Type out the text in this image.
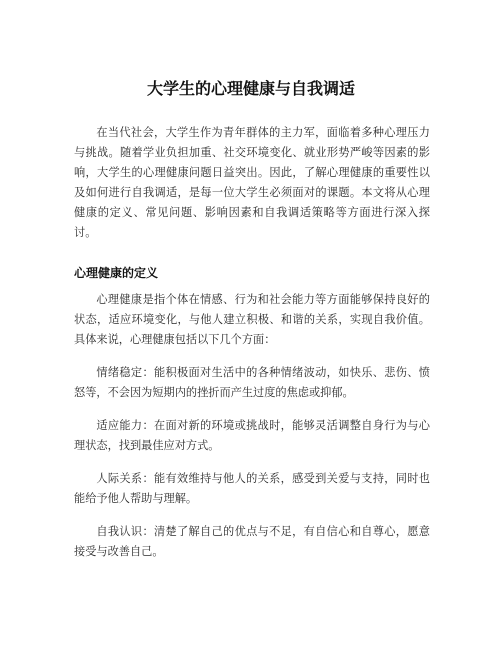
大学生的心理健康与自我调适

在当代社会，大学生作为青年群体的主力军，面临着多种心理压力与挑战。随着学业负担加重、社交环境变化、就业形势严峻等因素的影响，大学生的心理健康问题日益突出。因此，了解心理健康的重要性以及如何进行自我调适，是每一位大学生必须面对的课题。本文将从心理健康的定义、常见问题、影响因素和自我调适策略等方面进行深入探讨。

心理健康的定义

心理健康是指个体在情感、行为和社会能力等方面能够保持良好的状态，适应环境变化，与他人建立积极、和谐的关系，实现自我价值。具体来说，心理健康包括以下几个方面：

情绪稳定：能积极面对生活中的各种情绪波动，如快乐、悲伤、愤怒等，不会因为短期内的挫折而产生过度的焦虑或抑郁。

适应能力：在面对新的环境或挑战时，能够灵活调整自身行为与心理状态，找到最佳应对方式。

人际关系：能有效维持与他人的关系，感受到关爱与支持，同时也能给予他人帮助与理解。

自我认识：清楚了解自己的优点与不足，有自信心和自尊心，愿意接受与改善自己。
